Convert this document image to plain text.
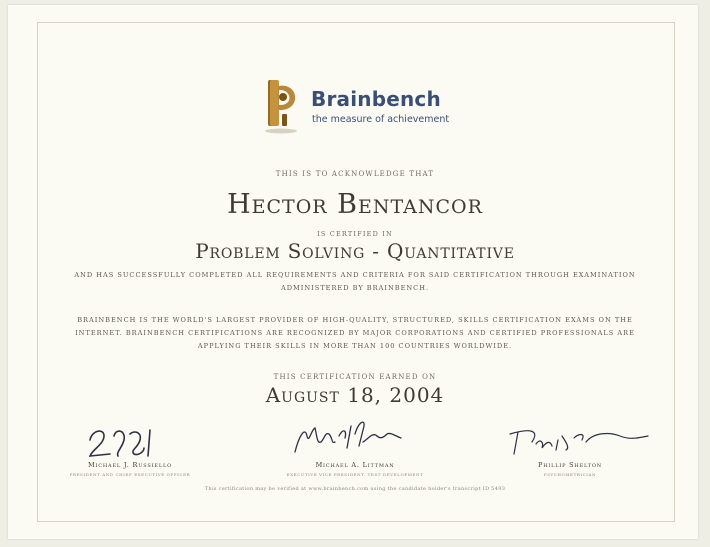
Brainbench
the measure of achievement
THIS IS TO ACKNOWLEDGE THAT
Hector Bentancor
IS CERTIFIED IN
Problem Solving - Quantitative
AND HAS SUCCESSFULLY COMPLETED ALL REQUIREMENTS AND CRITERIA FOR SAID CERTIFICATION THROUGH EXAMINATION ADMINISTERED BY BRAINBENCH.
BRAINBENCH IS THE WORLD'S LARGEST PROVIDER OF HIGH-QUALITY, STRUCTURED, SKILLS CERTIFICATION EXAMS ON THE INTERNET. BRAINBENCH CERTIFICATIONS ARE RECOGNIZED BY MAJOR CORPORATIONS AND CERTIFIED PROFESSIONALS ARE APPLYING THEIR SKILLS IN MORE THAN 100 COUNTRIES WORLDWIDE.
THIS CERTIFICATION EARNED ON
August 18, 2004
Michael J. Russiello
PRESIDENT AND CHIEF EXECUTIVE OFFICER
Michael A. Littman
EXECUTIVE VICE PRESIDENT, TEST DEVELOPMENT
Phillip Shelton
PSYCHOMETRICIAN
This certification may be verified at www.brainbench.com using the candidate holder's transcript ID 5493
